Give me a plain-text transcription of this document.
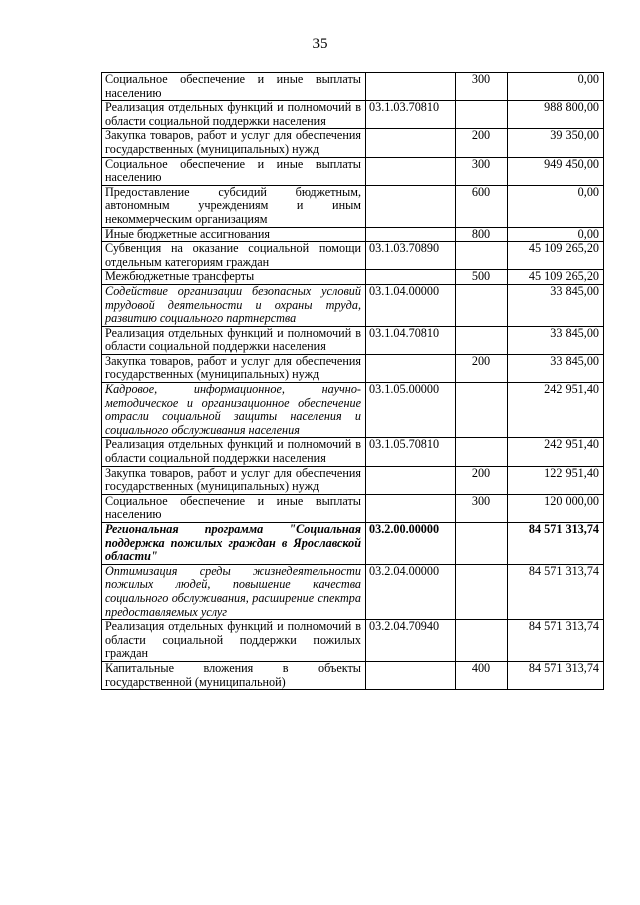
35
Социальное обеспечение и иные выплаты населению		300	0,00
Реализация отдельных функций и полномочий в области социальной поддержки населения	03.1.03.70810		988 800,00
Закупка товаров, работ и услуг для обеспечения государственных (муниципальных) нужд		200	39 350,00
Социальное обеспечение и иные выплаты населению		300	949 450,00
Предоставление субсидий бюджетным, автономным учреждениям и иным некоммерческим организациям		600	0,00
Иные бюджетные ассигнования		800	0,00
Субвенция на оказание социальной помощи отдельным категориям граждан	03.1.03.70890		45 109 265,20
Межбюджетные трансферты		500	45 109 265,20
Содействие организации безопасных условий трудовой деятельности и охраны труда, развитию социального партнерства	03.1.04.00000		33 845,00
Реализация отдельных функций и полномочий в области социальной поддержки населения	03.1.04.70810		33 845,00
Закупка товаров, работ и услуг для обеспечения государственных (муниципальных) нужд		200	33 845,00
Кадровое, информационное, научно-методическое и организационное обеспечение отрасли социальной защиты населения и социального обслуживания населения	03.1.05.00000		242 951,40
Реализация отдельных функций и полномочий в области социальной поддержки населения	03.1.05.70810		242 951,40
Закупка товаров, работ и услуг для обеспечения государственных (муниципальных) нужд		200	122 951,40
Социальное обеспечение и иные выплаты населению		300	120 000,00
Региональная программа "Социальная поддержка пожилых граждан в Ярославской области"	03.2.00.00000		84 571 313,74
Оптимизация среды жизнедеятельности пожилых людей, повышение качества социального обслуживания, расширение спектра предоставляемых услуг	03.2.04.00000		84 571 313,74
Реализация отдельных функций и полномочий в области социальной поддержки пожилых граждан	03.2.04.70940		84 571 313,74
Капитальные вложения в объекты государственной (муниципальной)		400	84 571 313,74
